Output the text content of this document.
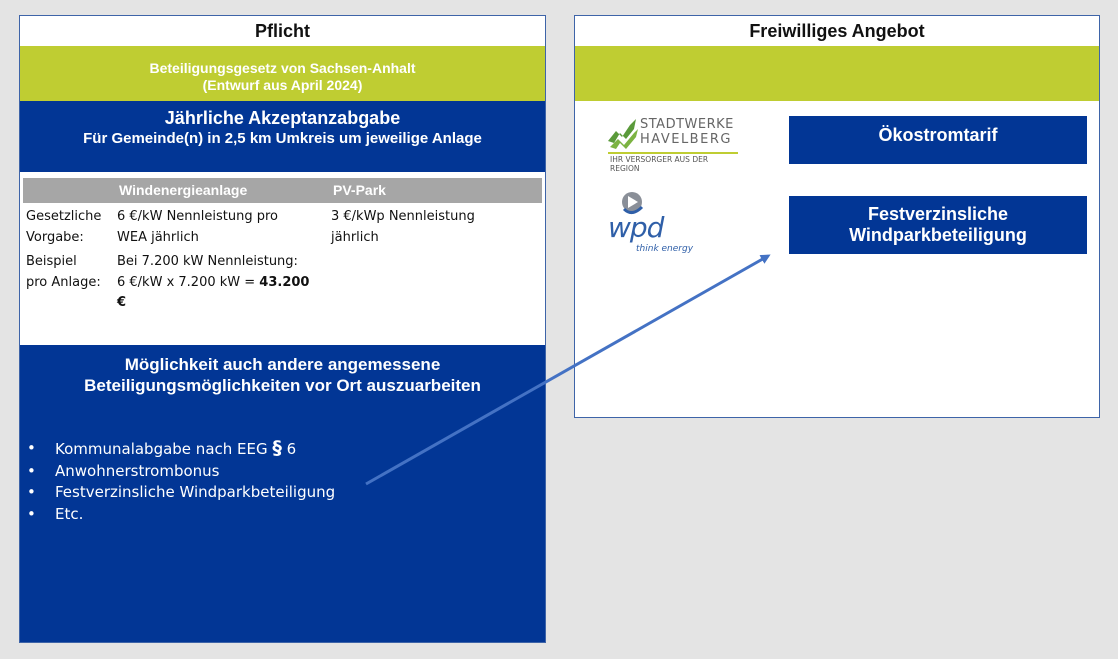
Pflicht
Beteiligungsgesetz von Sachsen-Anhalt
(Entwurf aus April 2024)
Jährliche Akzeptanzabgabe
Für Gemeinde(n) in 2,5 km Umkreis um jeweilige Anlage
Windenergieanlage	PV-Park
Gesetzliche
Vorgabe:
6 €/kW Nennleistung pro
WEA jährlich
3 €/kWp Nennleistung
jährlich
Beispiel
pro Anlage:
Bei 7.200 kW Nennleistung:
6 €/kW x 7.200 kW = 43.200
€
Möglichkeit auch andere angemessene
Beteiligungsmöglichkeiten vor Ort auszuarbeiten
• Kommunalabgabe nach EEG § 6
• Anwohnerstrombonus
• Festverzinsliche Windparkbeteiligung
• Etc.
Freiwilliges Angebot
STADTWERKE
HAVELBERG
IHR VERSORGER AUS DER REGION
wpd
think energy
Ökostromtarif
Festverzinsliche
Windparkbeteiligung
